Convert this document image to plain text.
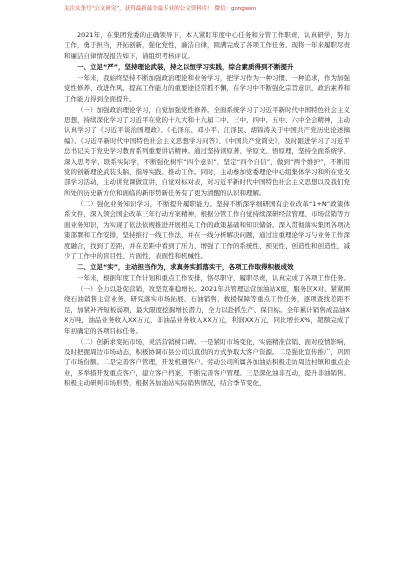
关注头条号“公文研究”，获得最新最全最专业的公文资料库！ 微信：gongwen

2021年，在集团党委的正确领导下，本人紧盯年度中心任务和分管工作职责，认真研学，努力工作，勇于担当，开拓创新，强化党性，廉洁自律，圆满完成了各项工作任务。现将一年来履职尽责和廉洁自律情况报告如下，请组织考核评议。

一、立足“严”，坚持理论武装，持之以恒学习实践，综合素质得到不断提升

一年来，我始终坚持不断加强政治理论和业务学习，把学习作为一种习惯、一种追求，作为加强党性修养、改进作风、提高工作能力的重要途径常抓不懈，在学习中不断强化宗旨意识，政治素养和工作能力得到全面提升。

（一）加强政治理论学习，自觉加强党性修养。全面系统学习了习近平新时代中国特色社会主义思想，持续深化学习了习近平在党的十九大和十九届二中、三中、四中、五中、六中全会精神，主动认真学习了《习近平谈治国理政》、《毛泽东、邓小平、江泽民、胡锦涛关于中国共产党历史论述摘编》、《习近平新时代中国特色社会主义思想学习问答》、《中国共产党简史》，及时跟进学习了习近平总书记关于党史学习教育系列重要讲话精神。通过坚持读原著、学原文、悟原理，坚持全面系统学、深入思考学、联系实际学，不断强化树牢“四个意识”，坚定“四个自信”，做到“两个维护”，不断用党的创新理论武装头脑、指导实践、推动工作。同时，主动参加党委理论中心组集体学习和所在党支部学习活动，主动讲党课做宣讲，自觉对标对表，对习近平新时代中国特色社会主义思想以及我们党所处的历史新方位和面临的新形势新任务有了更为清醒的认识和理解。

（二）强化业务知识学习，不断提升履职能力。坚持不断深学细研国有企业改革“1+N”政策体系文件，深入领会国企改革三年行动方案精神，根据分管工作自觉持续深研经营管理、市场营销等方面业务知识，为实现了依法依规推进开展相关工作的政策基础和知识储备。深入贯彻落实集团各项决策部署和工作安排，坚持推行一线工作法，并在一线分析解决问题，通过注重理论学习与业务工作深度融合，找到了差距，并在差距中看到了压力，增强了工作的系统性、预见性、创造性和创造性，减少了工作中的盲目性、片面性，表面性和机械性。

二、立足“实”，主动担当作为，求真务实抓落实干，各项工作取得积极成效

一年来，根据年度工作计划和重点工作安排，恪尽职守，履职尽责，认真完成了各项工作任务。

（一）全力以赴促营销，攻坚克难稳增长。2021年共管理运营加油站X座，服务区X对，紧紧围绕石油销售主营业务，研究落实市场拓展、石油销售、救援保障等重点工作任务，逐项查找差距不足，加紧补齐短板弱项，最大限度挖掘增长潜力，全力以赴抓生产、保目标。全年累计销售成品油XX万吨，油品业务收入XX万元，非油品业务收入XX万元，利润XX万元，同比增长X%，超额完成了年初确定的各项目标任务。

（二）创新求变拓市场，灵活营销树口碑。一是紧盯市场变化，实施精准营销、面对疫情影响，及时把握周边市场动态，积极协调市县公司以直供的方式争取大客户资源。二是强化宣传推广，巩固了市场份额。二是完善客户管理，开发机遇客户。劳动公司所属各加油站积极走访周边村镇和重点企业，多举措开发重点客户，建立客户档案，不断完善客户管理。三是深化油非互动，提升非油销售。积极主动研判市场形势，根据各加油站实际销售情况，结合季节变化，
